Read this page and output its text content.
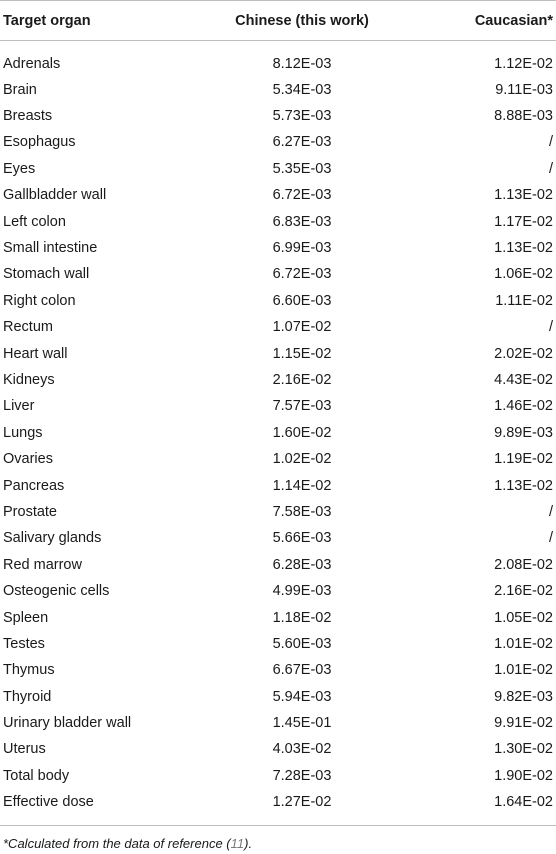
Target organ	Chinese (this work)	Caucasian*
Adrenals	8.12E-03	1.12E-02
Brain	5.34E-03	9.11E-03
Breasts	5.73E-03	8.88E-03
Esophagus	6.27E-03	/
Eyes	5.35E-03	/
Gallbladder wall	6.72E-03	1.13E-02
Left colon	6.83E-03	1.17E-02
Small intestine	6.99E-03	1.13E-02
Stomach wall	6.72E-03	1.06E-02
Right colon	6.60E-03	1.11E-02
Rectum	1.07E-02	/
Heart wall	1.15E-02	2.02E-02
Kidneys	2.16E-02	4.43E-02
Liver	7.57E-03	1.46E-02
Lungs	1.60E-02	9.89E-03
Ovaries	1.02E-02	1.19E-02
Pancreas	1.14E-02	1.13E-02
Prostate	7.58E-03	/
Salivary glands	5.66E-03	/
Red marrow	6.28E-03	2.08E-02
Osteogenic cells	4.99E-03	2.16E-02
Spleen	1.18E-02	1.05E-02
Testes	5.60E-03	1.01E-02
Thymus	6.67E-03	1.01E-02
Thyroid	5.94E-03	9.82E-03
Urinary bladder wall	1.45E-01	9.91E-02
Uterus	4.03E-02	1.30E-02
Total body	7.28E-03	1.90E-02
Effective dose	1.27E-02	1.64E-02
*Calculated from the data of reference (11).
